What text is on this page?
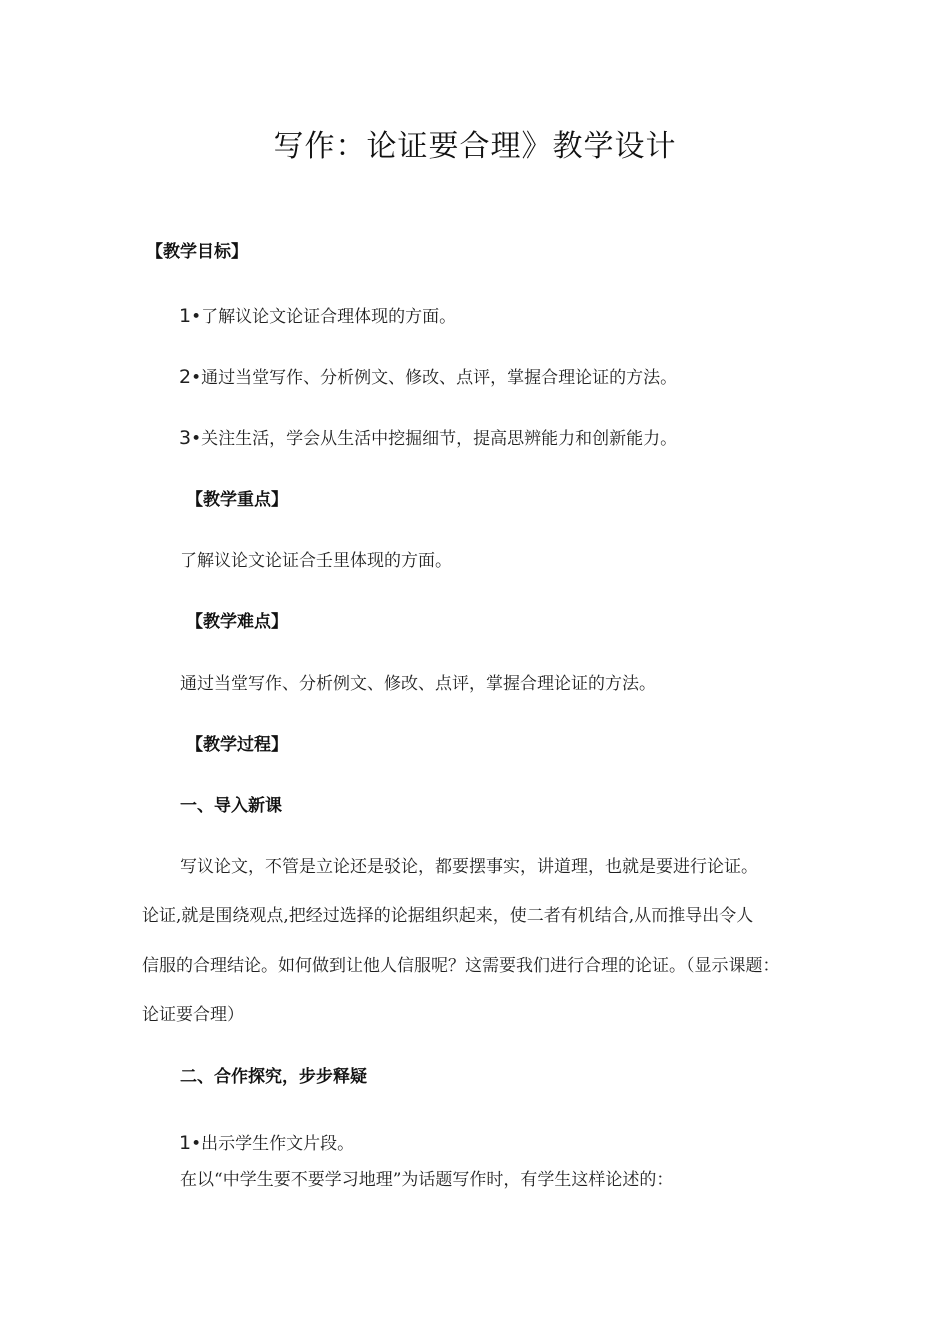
写作：论证要合理》教学设计
【教学目标】
1•了解议论文论证合理体现的方面。
2•通过当堂写作、分析例文、修改、点评，掌握合理论证的方法。
3•关注生活，学会从生活中挖掘细节，提高思辨能力和创新能力。
【教学重点】
了解议论文论证合壬里体现的方面。
【教学难点】
通过当堂写作、分析例文、修改、点评，掌握合理论证的方法。
【教学过程】
一、导入新课
写议论文，不管是立论还是驳论，都要摆事实，讲道理，也就是要进行论证。
论证,就是围绕观点,把经过选择的论据组织起来，使二者有机结合,从而推导出令人
信服的合理结论。如何做到让他人信服呢？这需要我们进行合理的论证。（显示课题：
论证要合理）
二、合作探究，步步释疑
1•出示学生作文片段。
在以“中学生要不要学习地理”为话题写作时，有学生这样论述的：
